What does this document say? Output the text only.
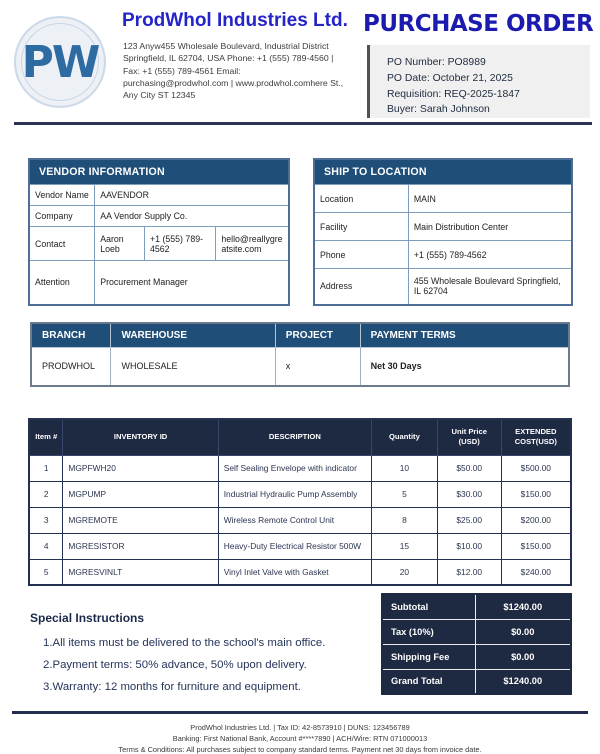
PW
ProdWhol Industries Ltd.
123 Anyw455 Wholesale Boulevard, Industrial District Springfield, IL 62704, USA Phone: +1 (555) 789-4560 | Fax: +1 (555) 789-4561 Email: purchasing@prodwhol.com | www.prodwhol.comhere St., Any City ST 12345
PURCHASE ORDER
PO Number: PO8989
PO Date: October 21, 2025
Requisition: REQ-2025-1847
Buyer: Sarah Johnson
VENDOR INFORMATION			
Vendor Name	AAVENDOR		
Company	AA Vendor Supply Co.		
Contact	Aaron Loeb	+1 (555) 789-4562	hello@reallygreatsite.com
Attention	Procurement Manager		
SHIP TO LOCATION	
Location	MAIN
Facility	Main Distribution Center
Phone	+1 (555) 789-4562
Address	455 Wholesale Boulevard Springfield, IL 62704
BRANCH	WAREHOUSE	PROJECT	PAYMENT TERMS
PRODWHOL	WHOLESALE	x	Net 30 Days
Item #	INVENTORY ID	DESCRIPTION	Quantity	Unit Price (USD)	EXTENDED COST(USD)
1	MGPFWH20	Self Sealing Envelope with indicator	10	$50.00	$500.00
2	MGPUMP	Industrial Hydraulic Pump Assembly	5	$30.00	$150.00
3	MGREMOTE	Wireless Remote Control Unit	8	$25.00	$200.00
4	MGRESISTOR	Heavy-Duty Electrical Resistor 500W	15	$10.00	$150.00
5	MGRESVINLT	Vinyl Inlet Valve with Gasket	20	$12.00	$240.00
Special Instructions
1. All items must be delivered to the school's main office.
2. Payment terms: 50% advance, 50% upon delivery.
3. Warranty: 12 months for furniture and equipment.
Subtotal	$1240.00
Tax (10%)	$0.00
Shipping Fee	$0.00
Grand Total	$1240.00
ProdWhol Industries Ltd. | Tax ID: 42-8573910 | DUNS: 123456789
Banking: First National Bank, Account #****7890 | ACH/Wire: RTN 071000013
Terms & Conditions: All purchases subject to company standard terms. Payment net 30 days from invoice date.
